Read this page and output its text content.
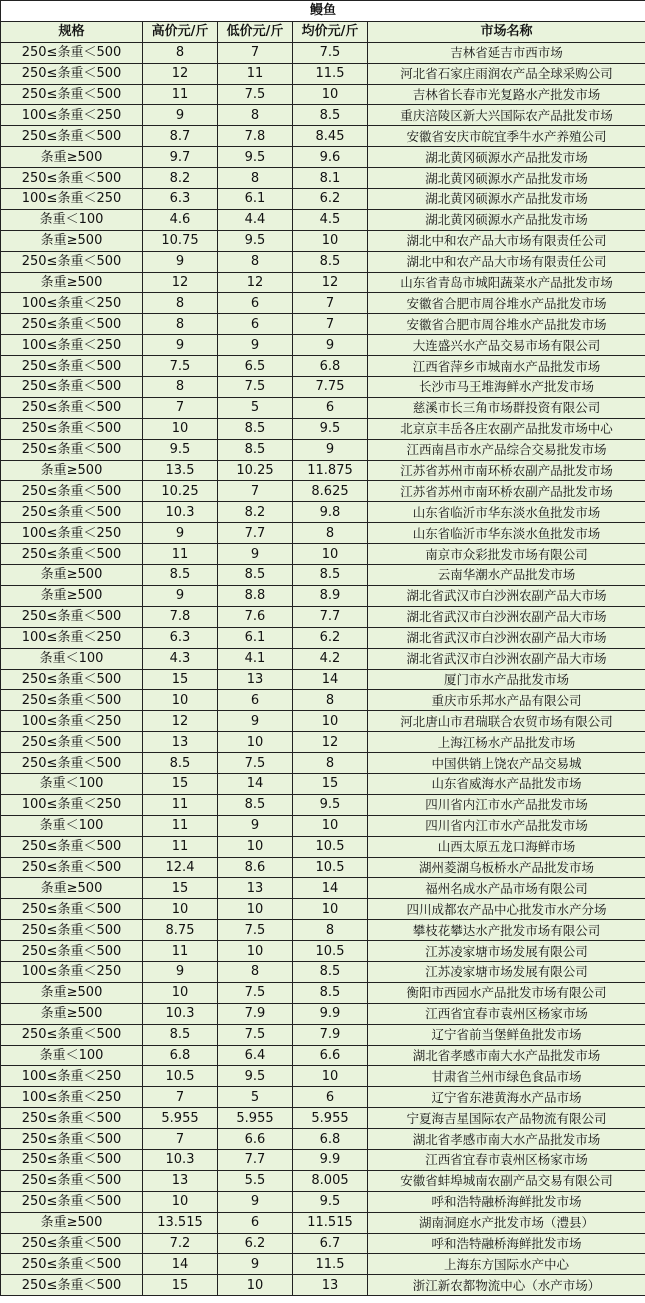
鳗鱼				
规格	高价元/斤	低价元/斤	均价元/斤	市场名称
250≤条重＜500	8	7	7.5	吉林省延吉市西市场
250≤条重＜500	12	11	11.5	河北省石家庄雨润农产品全球采购公司
250≤条重＜500	11	7.5	10	吉林省长春市光复路水产批发市场
100≤条重＜250	9	8	8.5	重庆涪陵区新大兴国际农产品批发市场
250≤条重＜500	8.7	7.8	8.45	安徽省安庆市皖宜季牛水产养殖公司
条重≥500	9.7	9.5	9.6	湖北黄冈硕源水产品批发市场
250≤条重＜500	8.2	8	8.1	湖北黄冈硕源水产品批发市场
100≤条重＜250	6.3	6.1	6.2	湖北黄冈硕源水产品批发市场
条重＜100	4.6	4.4	4.5	湖北黄冈硕源水产品批发市场
条重≥500	10.75	9.5	10	湖北中和农产品大市场有限责任公司
250≤条重＜500	9	8	8.5	湖北中和农产品大市场有限责任公司
条重≥500	12	12	12	山东省青岛市城阳蔬菜水产品批发市场
100≤条重＜250	8	6	7	安徽省合肥市周谷堆水产品批发市场
250≤条重＜500	8	6	7	安徽省合肥市周谷堆水产品批发市场
100≤条重＜250	9	9	9	大连盛兴水产品交易市场有限公司
250≤条重＜500	7.5	6.5	6.8	江西省萍乡市城南水产品批发市场
250≤条重＜500	8	7.5	7.75	长沙市马王堆海鲜水产批发市场
250≤条重＜500	7	5	6	慈溪市长三角市场群投资有限公司
250≤条重＜500	10	8.5	9.5	北京京丰岳各庄农副产品批发市场中心
250≤条重＜500	9.5	8.5	9	江西南昌市水产品综合交易批发市场
条重≥500	13.5	10.25	11.875	江苏省苏州市南环桥农副产品批发市场
250≤条重＜500	10.25	7	8.625	江苏省苏州市南环桥农副产品批发市场
250≤条重＜500	10.3	8.2	9.8	山东省临沂市华东淡水鱼批发市场
100≤条重＜250	9	7.7	8	山东省临沂市华东淡水鱼批发市场
250≤条重＜500	11	9	10	南京市众彩批发市场有限公司
条重≥500	8.5	8.5	8.5	云南华潮水产品批发市场
条重≥500	9	8.8	8.9	湖北省武汉市白沙洲农副产品大市场
250≤条重＜500	7.8	7.6	7.7	湖北省武汉市白沙洲农副产品大市场
100≤条重＜250	6.3	6.1	6.2	湖北省武汉市白沙洲农副产品大市场
条重＜100	4.3	4.1	4.2	湖北省武汉市白沙洲农副产品大市场
250≤条重＜500	15	13	14	厦门市水产品批发市场
250≤条重＜500	10	6	8	重庆市乐邦水产品有限公司
100≤条重＜250	12	9	10	河北唐山市君瑞联合农贸市场有限公司
250≤条重＜500	13	10	12	上海江杨水产品批发市场
250≤条重＜500	8.5	7.5	8	中国供销上饶农产品交易城
条重＜100	15	14	15	山东省威海水产品批发市场
100≤条重＜250	11	8.5	9.5	四川省内江市水产品批发市场
条重＜100	11	9	10	四川省内江市水产品批发市场
250≤条重＜500	11	10	10.5	山西太原五龙口海鲜市场
250≤条重＜500	12.4	8.6	10.5	湖州菱湖乌板桥水产品批发市场
条重≥500	15	13	14	福州名成水产品市场有限公司
250≤条重＜500	10	10	10	四川成都农产品中心批发市水产分场
250≤条重＜500	8.75	7.5	8	攀枝花攀达水产批发市场有限公司
250≤条重＜500	11	10	10.5	江苏凌家塘市场发展有限公司
100≤条重＜250	9	8	8.5	江苏凌家塘市场发展有限公司
条重≥500	10	7.5	8.5	衡阳市西园水产品批发市场有限公司
条重≥500	10.3	7.9	9.9	江西省宜春市袁州区杨家市场
250≤条重＜500	8.5	7.5	7.9	辽宁省前当堡鲜鱼批发市场
条重＜100	6.8	6.4	6.6	湖北省孝感市南大水产品批发市场
100≤条重＜250	10.5	9.5	10	甘肃省兰州市绿色食品市场
100≤条重＜250	7	5	6	辽宁省东港黄海水产品市场
250≤条重＜500	5.955	5.955	5.955	宁夏海吉星国际农产品物流有限公司
250≤条重＜500	7	6.6	6.8	湖北省孝感市南大水产品批发市场
250≤条重＜500	10.3	7.7	9.9	江西省宜春市袁州区杨家市场
250≤条重＜500	13	5.5	8.005	安徽省蚌埠城南农副产品交易有限公司
250≤条重＜500	10	9	9.5	呼和浩特融桥海鲜批发市场
条重≥500	13.515	6	11.515	湖南洞庭水产批发市场（澧县）
250≤条重＜500	7.2	6.2	6.7	呼和浩特融桥海鲜批发市场
250≤条重＜500	14	9	11.5	上海东方国际水产中心
250≤条重＜500	15	10	13	浙江新农都物流中心（水产市场）
